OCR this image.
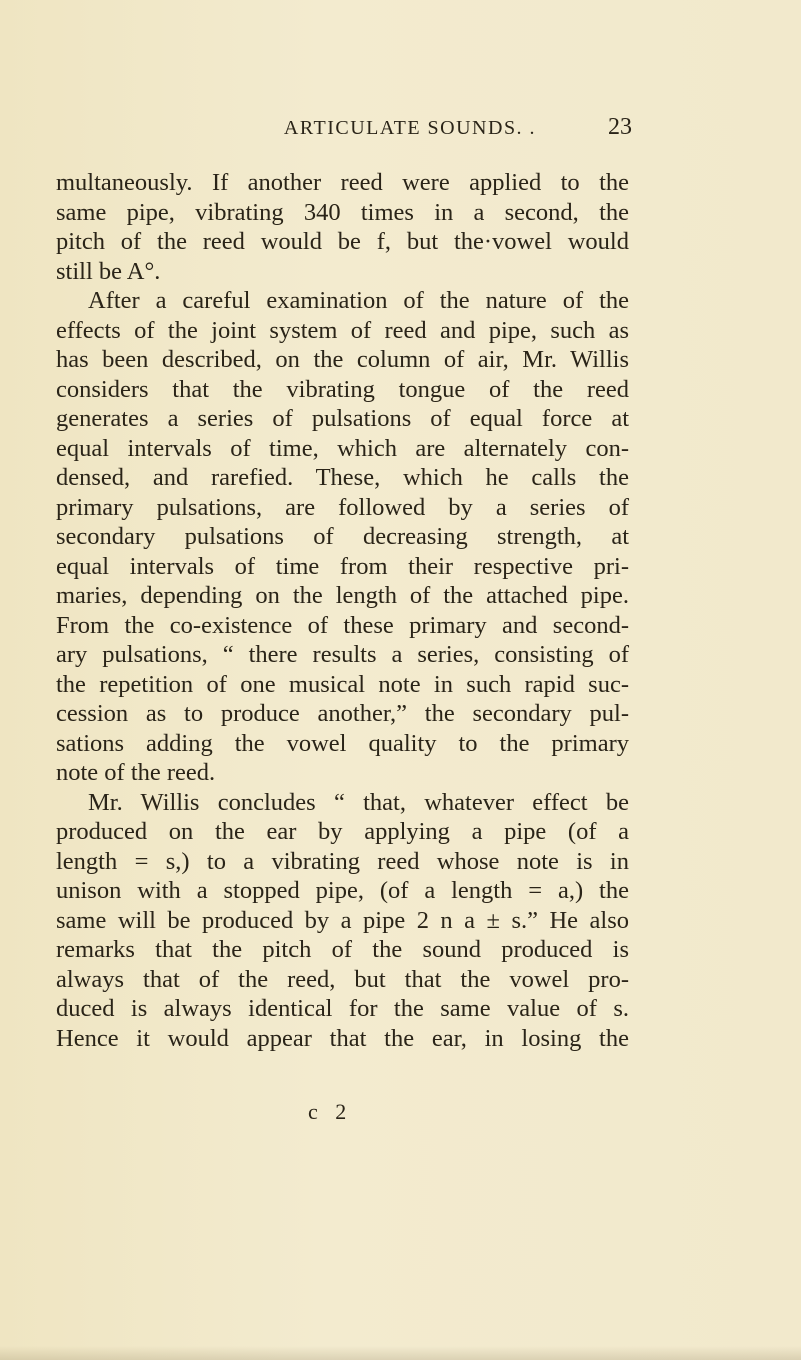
ARTICULATE SOUNDS. .	23
multaneously. If another reed were applied to the
same pipe, vibrating 340 times in a second, the
pitch of the reed would be f, but the·vowel would
still be A°.
After a careful examination of the nature of the
effects of the joint system of reed and pipe, such as
has been described, on the column of air, Mr. Willis
considers that the vibrating tongue of the reed
generates a series of pulsations of equal force at
equal intervals of time, which are alternately con-
densed, and rarefied. These, which he calls the
primary pulsations, are followed by a series of
secondary pulsations of decreasing strength, at
equal intervals of time from their respective pri-
maries, depending on the length of the attached pipe.
From the co-existence of these primary and second-
ary pulsations, “ there results a series, consisting of
the repetition of one musical note in such rapid suc-
cession as to produce another,” the secondary pul-
sations adding the vowel quality to the primary
note of the reed.
Mr. Willis concludes “ that, whatever effect be
produced on the ear by applying a pipe (of a
length = s,) to a vibrating reed whose note is in
unison with a stopped pipe, (of a length = a,) the
same will be produced by a pipe 2 n a ± s.” He also
remarks that the pitch of the sound produced is
always that of the reed, but that the vowel pro-
duced is always identical for the same value of s.
Hence it would appear that the ear, in losing the
c 2
